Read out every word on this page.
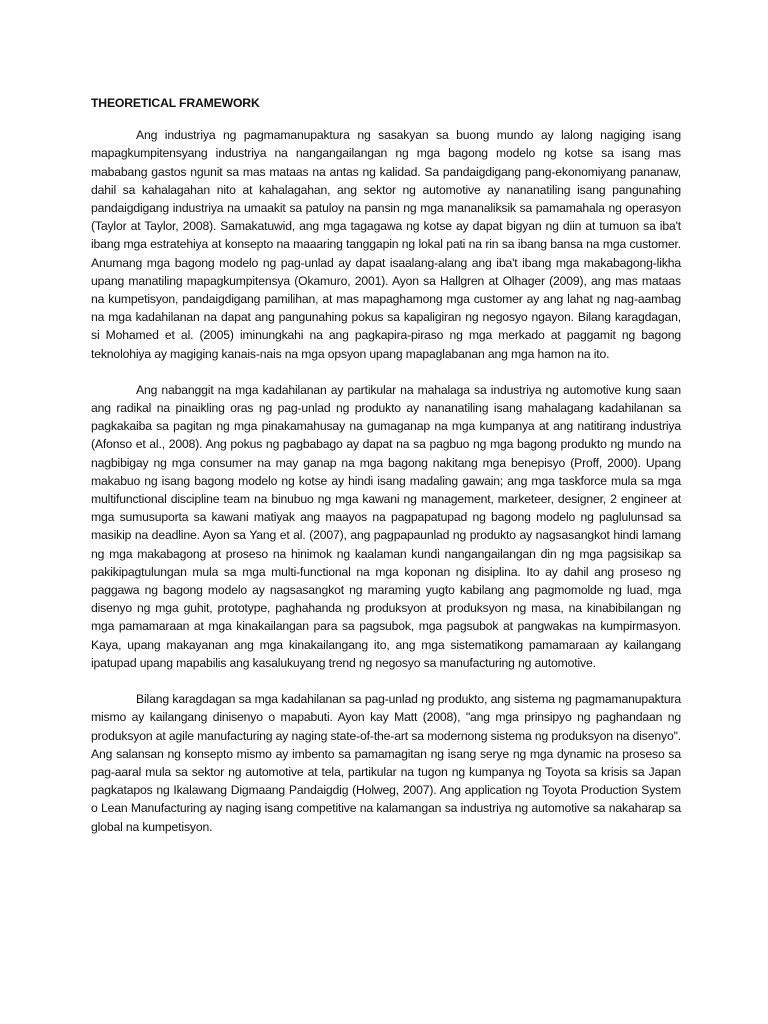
THEORETICAL FRAMEWORK

Ang industriya ng pagmamanupaktura ng sasakyan sa buong mundo ay lalong nagiging isang mapagkumpitensyang industriya na nangangailangan ng mga bagong modelo ng kotse sa isang mas mababang gastos ngunit sa mas mataas na antas ng kalidad. Sa pandaigdigang pang-ekonomiyang pananaw, dahil sa kahalagahan nito at kahalagahan, ang sektor ng automotive ay nananatiling isang pangunahing pandaigdigang industriya na umaakit sa patuloy na pansin ng mga mananaliksik sa pamamahala ng operasyon (Taylor at Taylor, 2008). Samakatuwid, ang mga tagagawa ng kotse ay dapat bigyan ng diin at tumuon sa iba't ibang mga estratehiya at konsepto na maaaring tanggapin ng lokal pati na rin sa ibang bansa na mga customer. Anumang mga bagong modelo ng pag-unlad ay dapat isaalang-alang ang iba't ibang mga makabagong-likha upang manatiling mapagkumpitensya (Okamuro, 2001). Ayon sa Hallgren at Olhager (2009), ang mas mataas na kumpetisyon, pandaigdigang pamilihan, at mas mapaghamong mga customer ay ang lahat ng nag-aambag na mga kadahilanan na dapat ang pangunahing pokus sa kapaligiran ng negosyo ngayon. Bilang karagdagan, si Mohamed et al. (2005) iminungkahi na ang pagkapira-piraso ng mga merkado at paggamit ng bagong teknolohiya ay magiging kanais-nais na mga opsyon upang mapaglabanan ang mga hamon na ito.

Ang nabanggit na mga kadahilanan ay partikular na mahalaga sa industriya ng automotive kung saan ang radikal na pinaikling oras ng pag-unlad ng produkto ay nananatiling isang mahalagang kadahilanan sa pagkakaiba sa pagitan ng mga pinakamahusay na gumaganap na mga kumpanya at ang natitirang industriya (Afonso et al., 2008). Ang pokus ng pagbabago ay dapat na sa pagbuo ng mga bagong produkto ng mundo na nagbibigay ng mga consumer na may ganap na mga bagong nakitang mga benepisyo (Proff, 2000). Upang makabuo ng isang bagong modelo ng kotse ay hindi isang madaling gawain; ang mga taskforce mula sa mga multifunctional discipline team na binubuo ng mga kawani ng management, marketeer, designer, 2 engineer at mga sumusuporta sa kawani matiyak ang maayos na pagpapatupad ng bagong modelo ng paglulunsad sa masikip na deadline. Ayon sa Yang et al. (2007), ang pagpapaunlad ng produkto ay nagsasangkot hindi lamang ng mga makabagong at proseso na hinimok ng kaalaman kundi nangangailangan din ng mga pagsisikap sa pakikipagtulungan mula sa mga multi-functional na mga koponan ng disiplina. Ito ay dahil ang proseso ng paggawa ng bagong modelo ay nagsasangkot ng maraming yugto kabilang ang pagmomolde ng luad, mga disenyo ng mga guhit, prototype, paghahanda ng produksyon at produksyon ng masa, na kinabibilangan ng mga pamamaraan at mga kinakailangan para sa pagsubok, mga pagsubok at pangwakas na kumpirmasyon. Kaya, upang makayanan ang mga kinakailangang ito, ang mga sistematikong pamamaraan ay kailangang ipatupad upang mapabilis ang kasalukuyang trend ng negosyo sa manufacturing ng automotive.

Bilang karagdagan sa mga kadahilanan sa pag-unlad ng produkto, ang sistema ng pagmamanupaktura mismo ay kailangang dinisenyo o mapabuti. Ayon kay Matt (2008), "ang mga prinsipyo ng paghandaan ng produksyon at agile manufacturing ay naging state-of-the-art sa modernong sistema ng produksyon na disenyo". Ang salansan ng konsepto mismo ay imbento sa pamamagitan ng isang serye ng mga dynamic na proseso sa pag-aaral mula sa sektor ng automotive at tela, partikular na tugon ng kumpanya ng Toyota sa krisis sa Japan pagkatapos ng Ikalawang Digmaang Pandaigdig (Holweg, 2007). Ang application ng Toyota Production System o Lean Manufacturing ay naging isang competitive na kalamangan sa industriya ng automotive sa nakaharap sa global na kumpetisyon.
